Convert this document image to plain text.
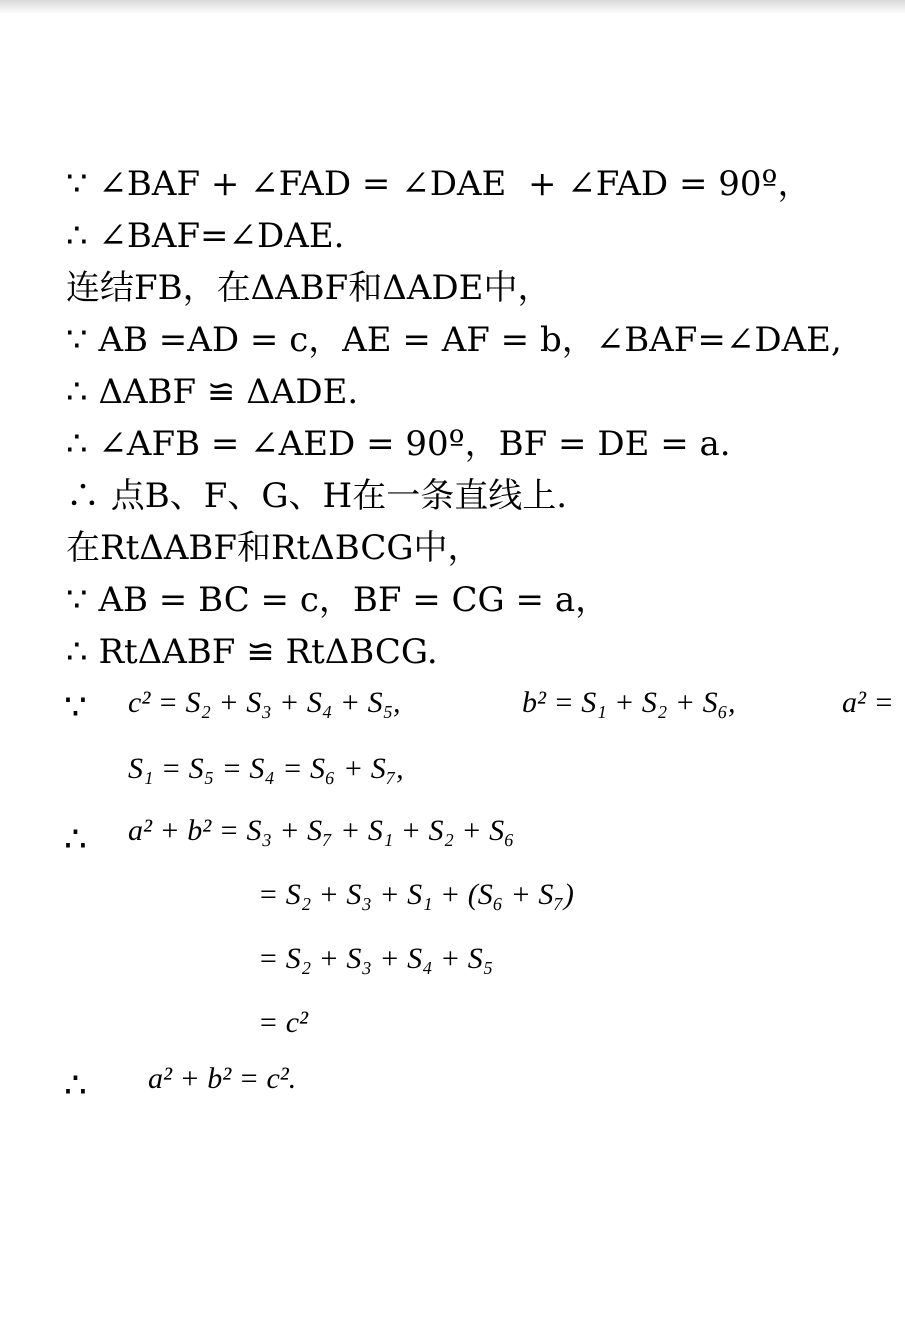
∵ ∠BAF + ∠FAD = ∠DAE  + ∠FAD = 90º，
∴ ∠BAF=∠DAE.
连结FB，在ΔABF和ΔADE中，
∵ AB =AD = c，AE = AF = b，∠BAF=∠DAE,
∴ ΔABF ≌ ΔADE.
∴ ∠AFB = ∠AED = 90º，BF = DE = a.
∴ 点B、F、G、H在一条直线上.
在RtΔABF和RtΔBCG中，
∵ AB = BC = c，BF = CG = a，
∴ RtΔABF ≌ RtΔBCG.
∵ c² = S₂ + S₃ + S₄ + S₅,	b² = S₁ + S₂ + S₆,	a² =
S₁ = S₅ = S₄ = S₆ + S₇,
∴ a² + b² = S₃ + S₇ + S₁ + S₂ + S₆
= S₂ + S₃ + S₁ + (S₆ + S₇)
= S₂ + S₃ + S₄ + S₅
= c²
∴ a² + b² = c².
